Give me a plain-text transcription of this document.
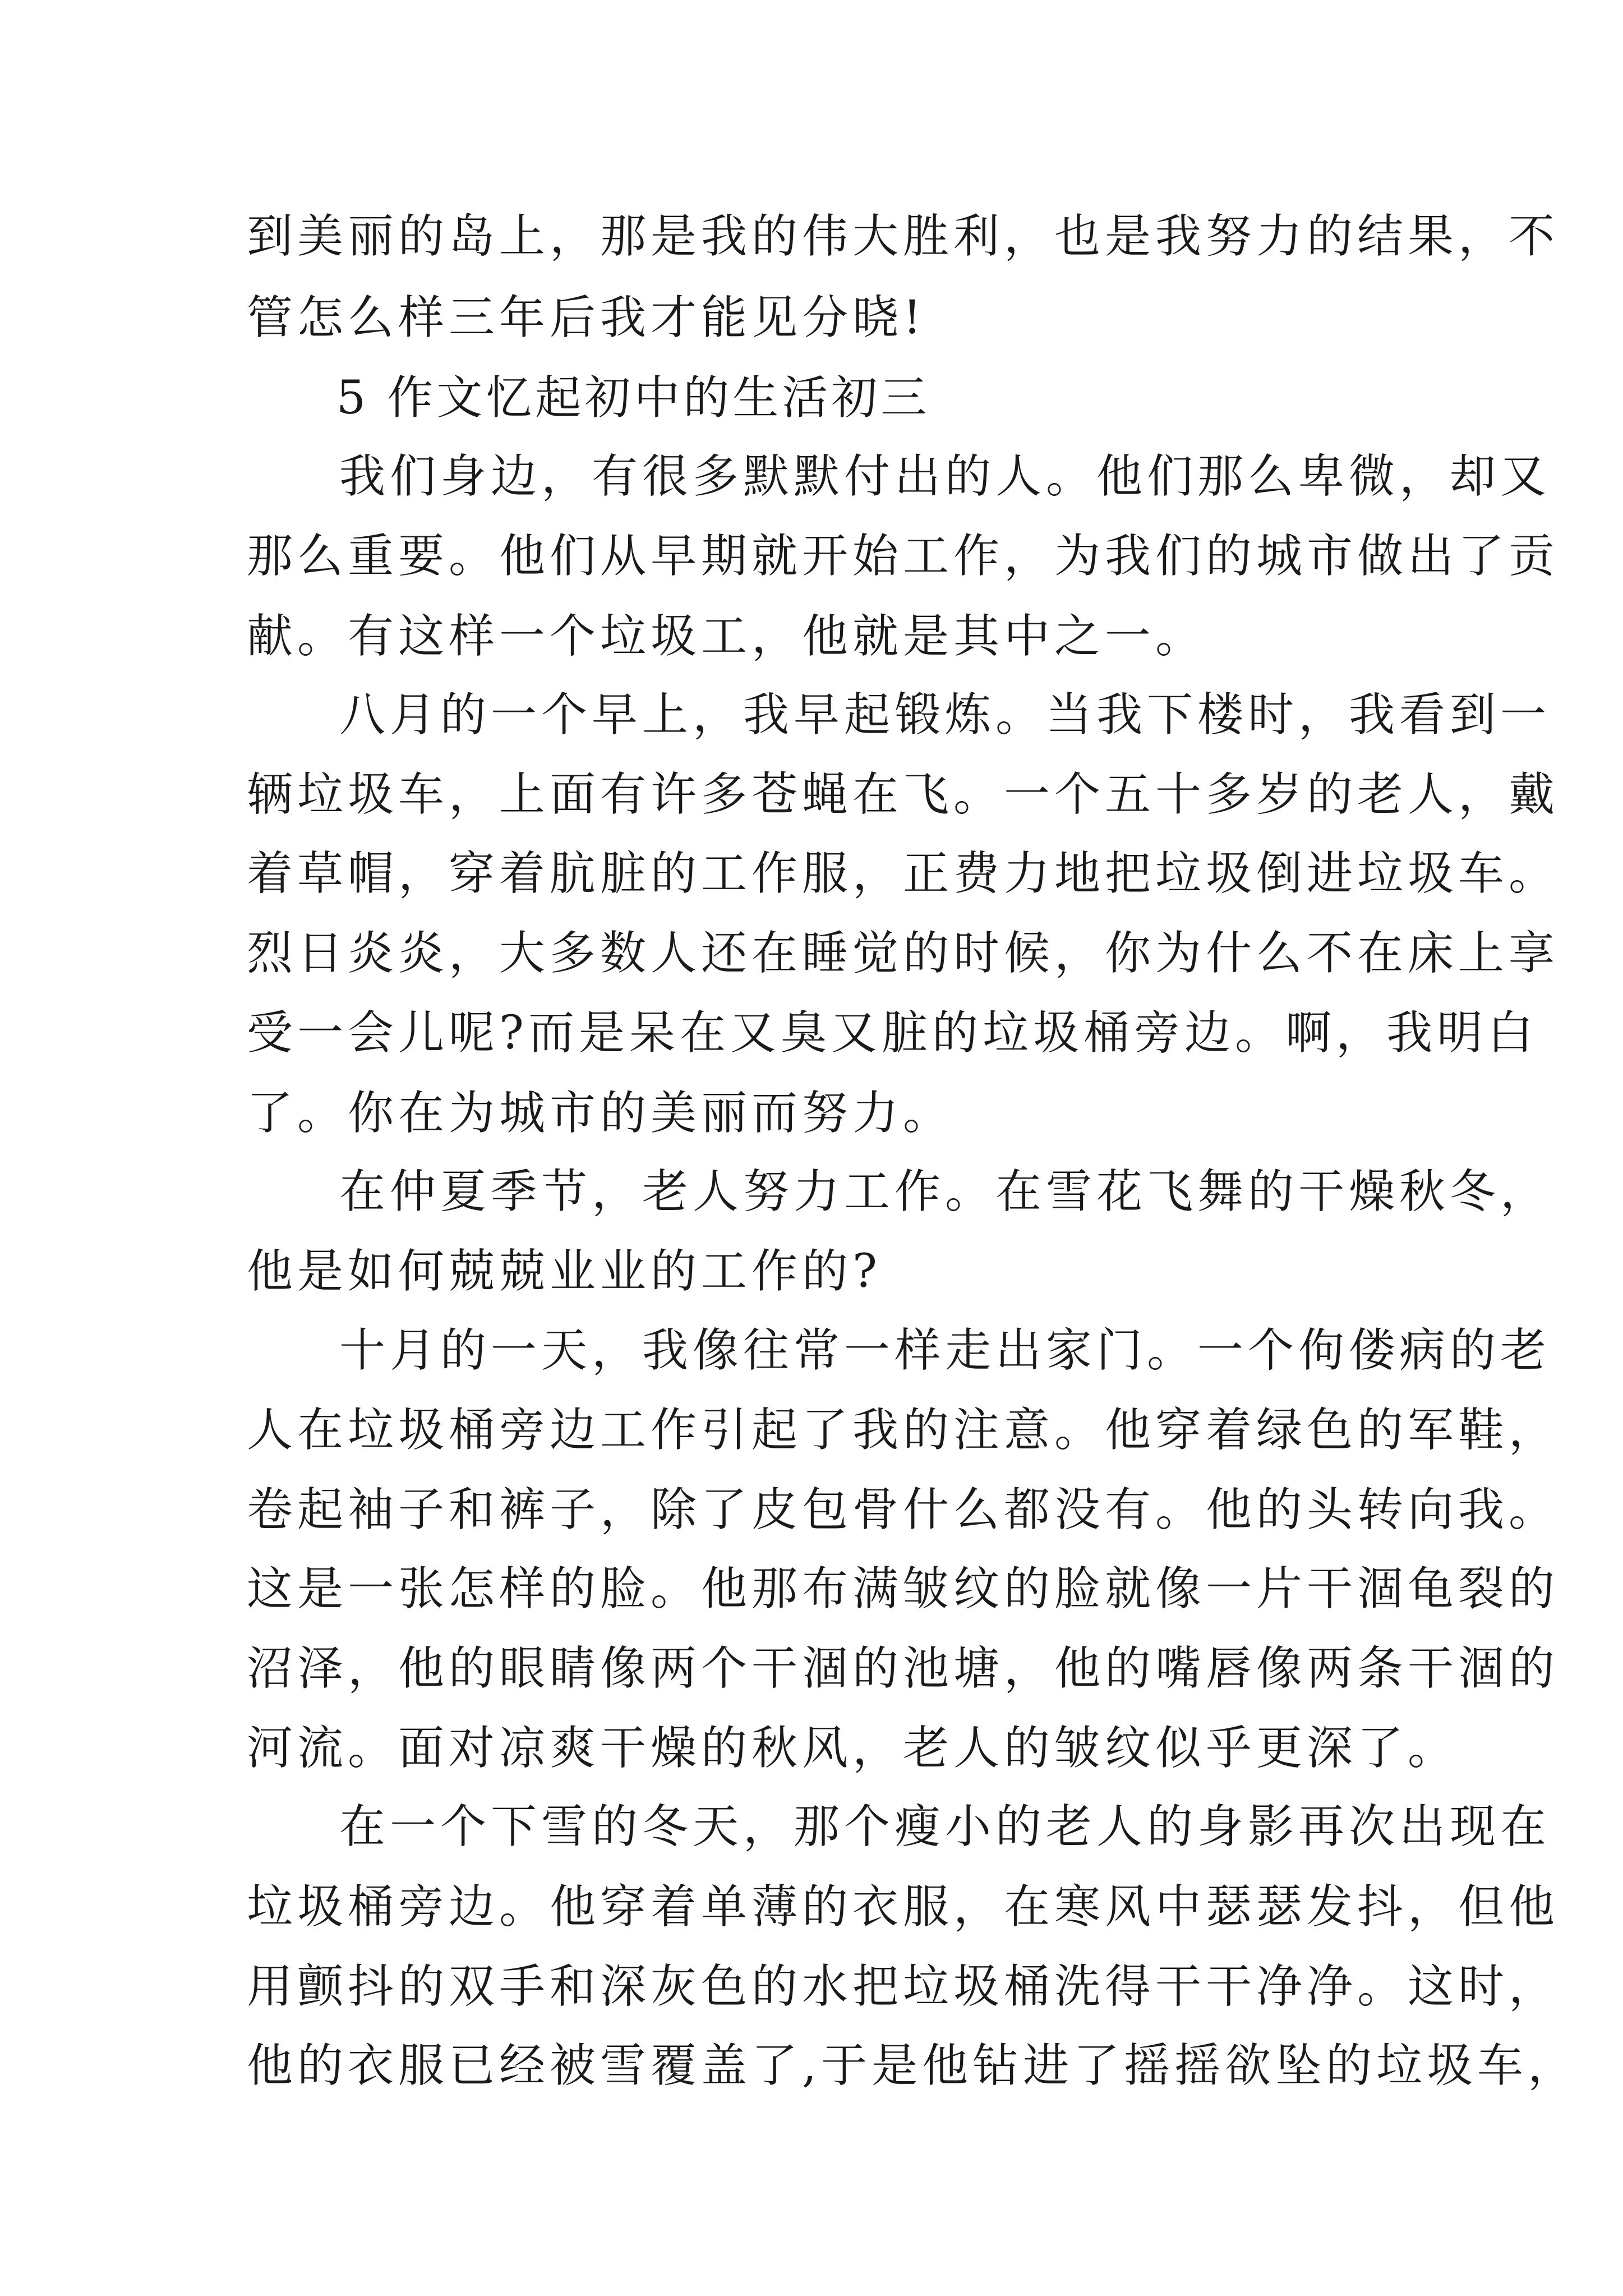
到美丽的岛上，那是我的伟大胜利，也是我努力的结果，不
管怎么样三年后我才能见分晓!
5 作文忆起初中的生活初三
我们身边，有很多默默付出的人。他们那么卑微，却又
那么重要。他们从早期就开始工作，为我们的城市做出了贡
献。有这样一个垃圾工，他就是其中之一。
八月的一个早上，我早起锻炼。当我下楼时，我看到一
辆垃圾车，上面有许多苍蝇在飞。一个五十多岁的老人，戴
着草帽，穿着肮脏的工作服，正费力地把垃圾倒进垃圾车。
烈日炎炎，大多数人还在睡觉的时候，你为什么不在床上享
受一会儿呢?而是呆在又臭又脏的垃圾桶旁边。啊，我明白
了。你在为城市的美丽而努力。
在仲夏季节，老人努力工作。在雪花飞舞的干燥秋冬，
他是如何兢兢业业的工作的?
十月的一天，我像往常一样走出家门。一个佝偻病的老
人在垃圾桶旁边工作引起了我的注意。他穿着绿色的军鞋，
卷起袖子和裤子，除了皮包骨什么都没有。他的头转向我。
这是一张怎样的脸。他那布满皱纹的脸就像一片干涸龟裂的
沼泽，他的眼睛像两个干涸的池塘，他的嘴唇像两条干涸的
河流。面对凉爽干燥的秋风，老人的皱纹似乎更深了。
在一个下雪的冬天，那个瘦小的老人的身影再次出现在
垃圾桶旁边。他穿着单薄的衣服，在寒风中瑟瑟发抖，但他
用颤抖的双手和深灰色的水把垃圾桶洗得干干净净。这时，
他的衣服已经被雪覆盖了,于是他钻进了摇摇欲坠的垃圾车，
